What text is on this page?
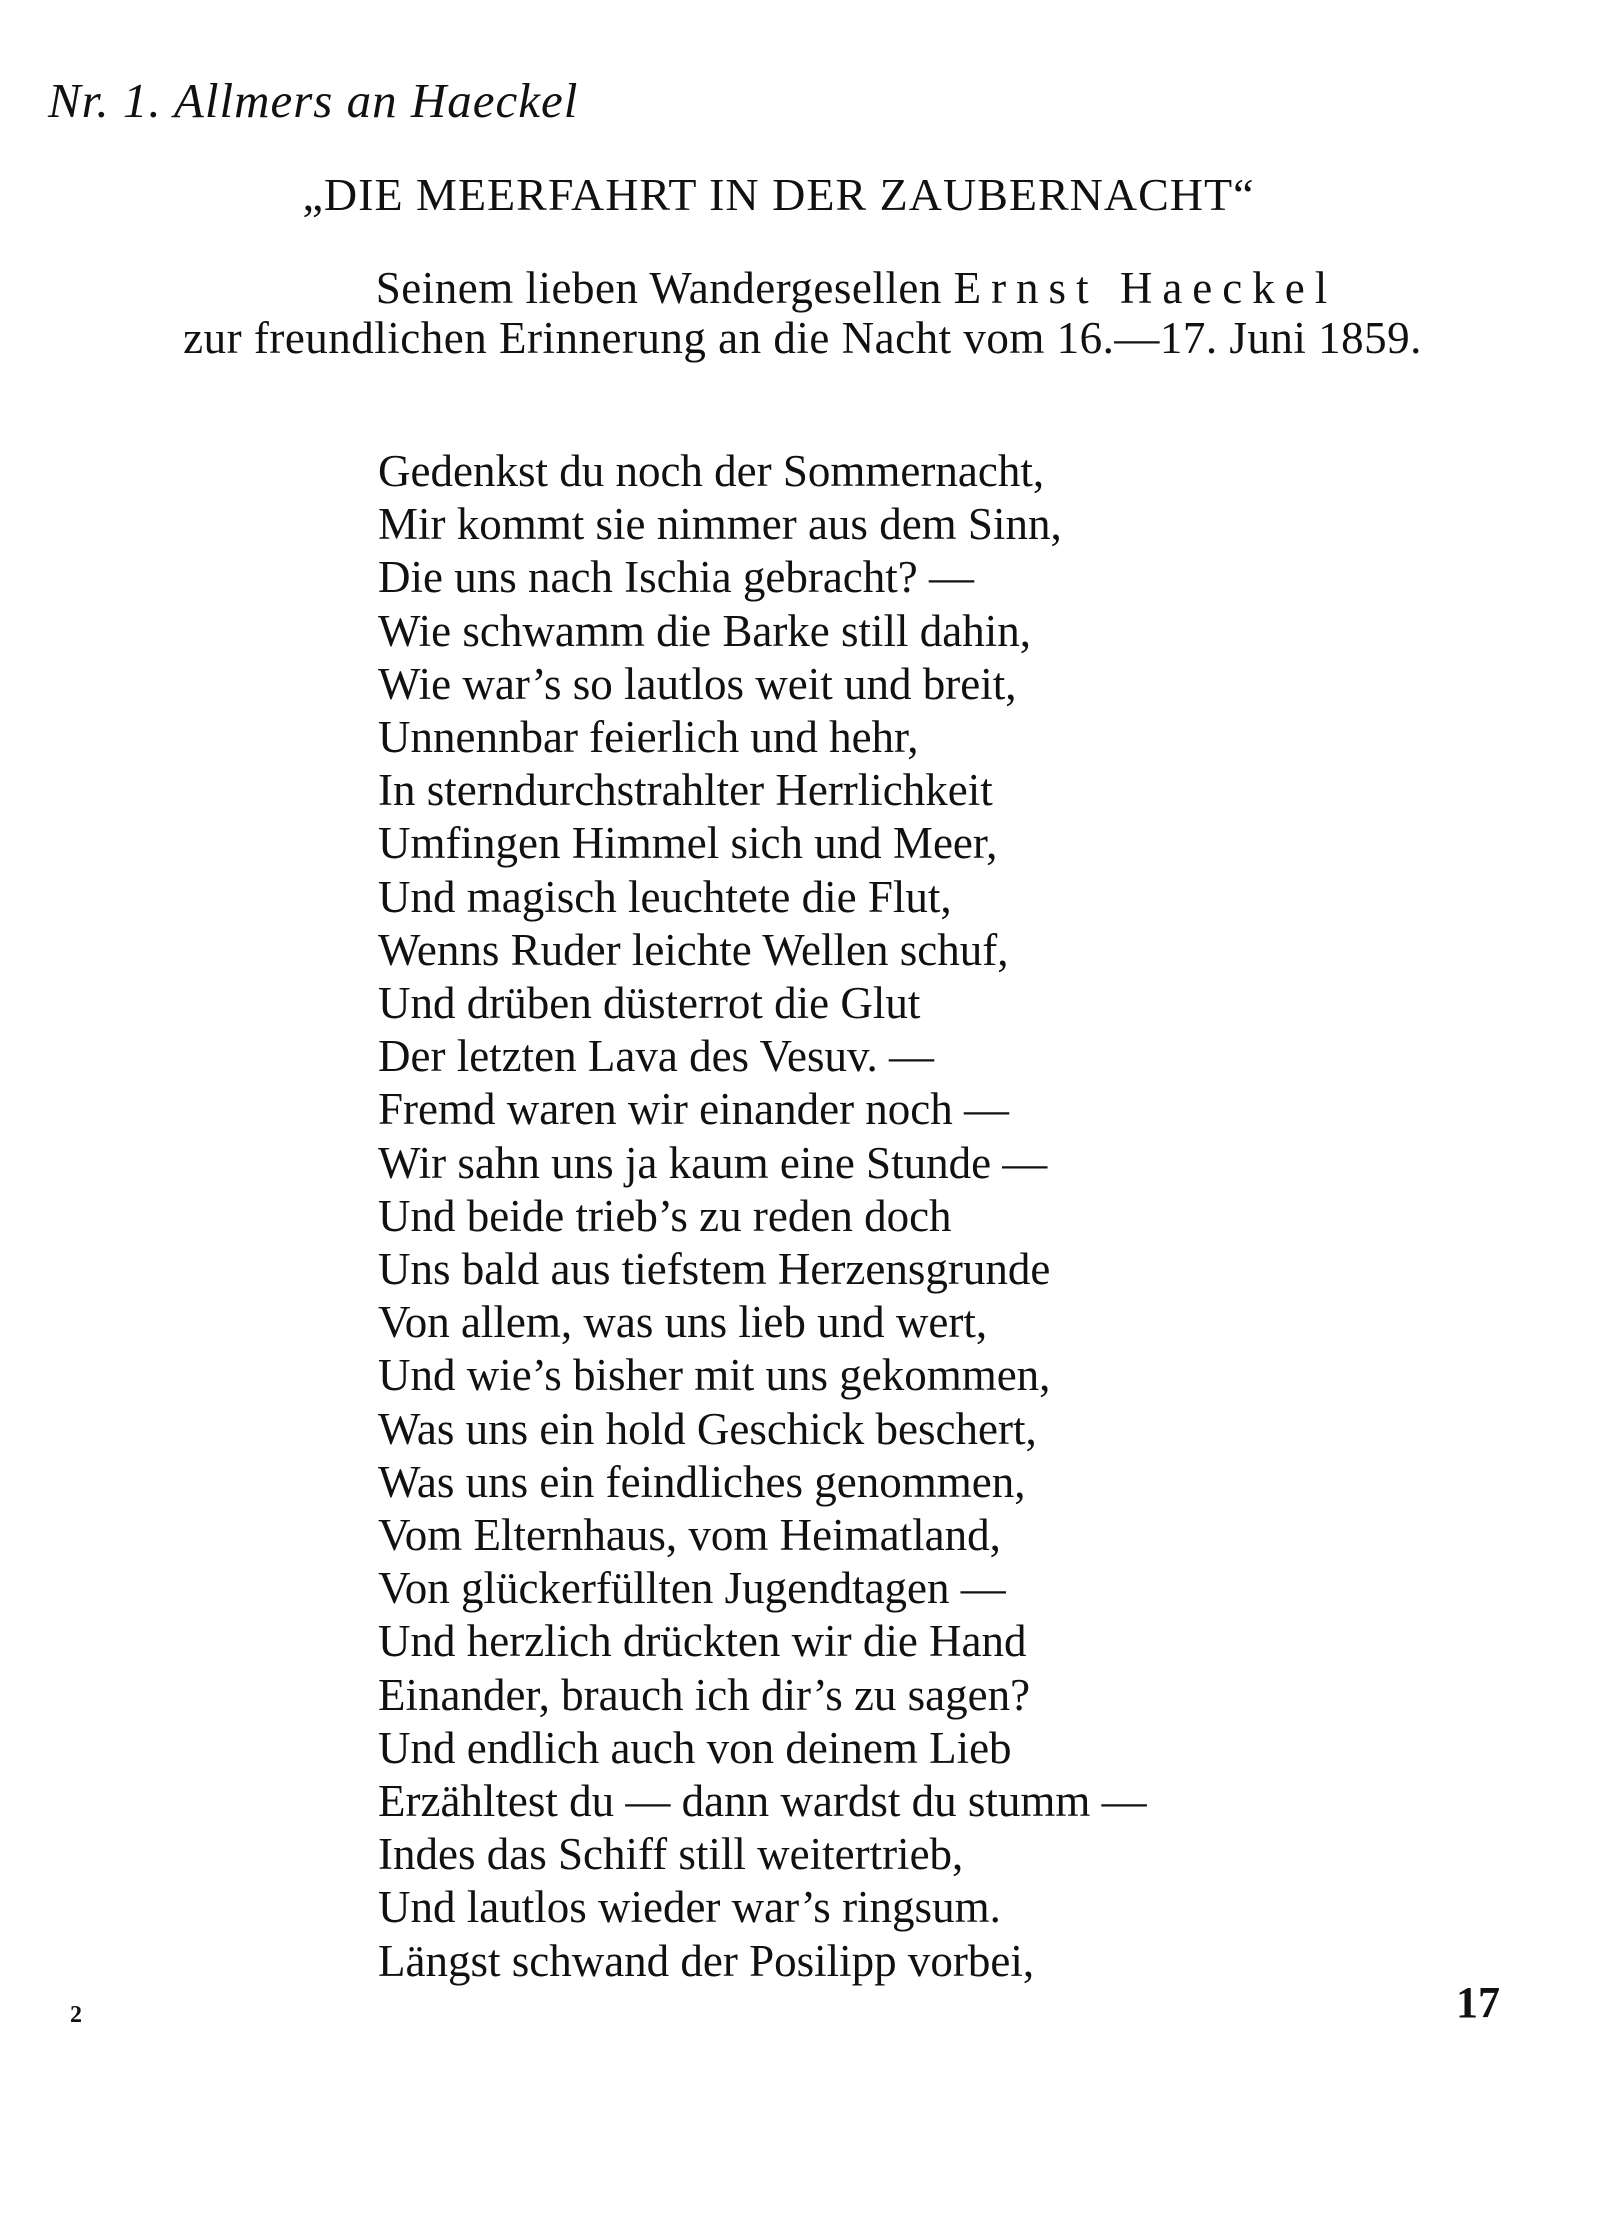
Nr. 1. Allmers an Haeckel
„DIE MEERFAHRT IN DER ZAUBERNACHT“
Seinem lieben Wandergesellen Ernst Haeckel
zur freundlichen Erinnerung an die Nacht vom 16.—17. Juni 1859.
Gedenkst du noch der Sommernacht,
Mir kommt sie nimmer aus dem Sinn,
Die uns nach Ischia gebracht? —
Wie schwamm die Barke still dahin,
Wie war’s so lautlos weit und breit,
Unnennbar feierlich und hehr,
In sterndurchstrahlter Herrlichkeit
Umfingen Himmel sich und Meer,
Und magisch leuchtete die Flut,
Wenns Ruder leichte Wellen schuf,
Und drüben düsterrot die Glut
Der letzten Lava des Vesuv. —
Fremd waren wir einander noch —
Wir sahn uns ja kaum eine Stunde —
Und beide trieb’s zu reden doch
Uns bald aus tiefstem Herzensgrunde
Von allem, was uns lieb und wert,
Und wie’s bisher mit uns gekommen,
Was uns ein hold Geschick beschert,
Was uns ein feindliches genommen,
Vom Elternhaus, vom Heimatland,
Von glückerfüllten Jugendtagen —
Und herzlich drückten wir die Hand
Einander, brauch ich dir’s zu sagen?
Und endlich auch von deinem Lieb
Erzähltest du — dann wardst du stumm —
Indes das Schiff still weitertrieb,
Und lautlos wieder war’s ringsum.
Längst schwand der Posilipp vorbei,
2	17
